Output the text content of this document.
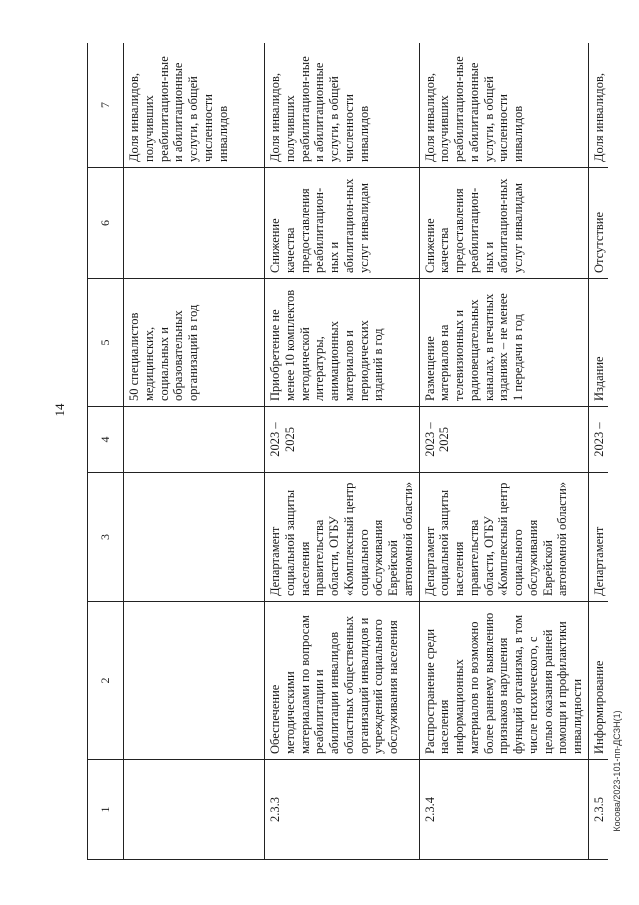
14
1	2	3	4	5	6	7
				50 специалистов медицинских, социальных и образовательных организаций в год		Доля инвалидов, получивших реабилитацион-ные и абилитационные услуги, в общей численности инвалидов
2.3.3	Обеспечение методическими материалами по вопросам реабилитации и абилитации инвалидов областных общественных организаций инвалидов и учреждений социального обслуживания населения	Департамент социальной защиты населения правительства области, ОГБУ «Комплексный центр социального обслуживания Еврейской автономной области»	2023 – 2025	Приобретение не менее 10 комплектов методической литературы, анимационных материалов и периодических изданий в год	Снижение качества предоставления реабилитацион-ных и абилитацион-ных услуг инвалидам	Доля инвалидов, получивших реабилитацион-ные и абилитационные услуги, в общей численности инвалидов
2.3.4	Распространение среди населения информационных материалов по возможно более раннему выявлению признаков нарушения функций организма, в том числе психического, с целью оказания ранней помощи и профилактики инвалидности	Департамент социальной защиты населения правительства области, ОГБУ «Комплексный центр социального обслуживания Еврейской автономной области»	2023 – 2025	Размещение материалов на телевизионных и радиовещательных каналах, в печатных изданиях – не менее 1 передачи в год	Снижение качества предоставления реабилитацион-ных и абилитацион-ных услуг инвалидам	Доля инвалидов, получивших реабилитацион-ные и абилитационные услуги, в общей численности инвалидов
2.3.5	Информирование	Департамент	2023 –	Издание	Отсутствие	Доля инвалидов,
Косова/2023-101-пп-ДСЗН(1)
